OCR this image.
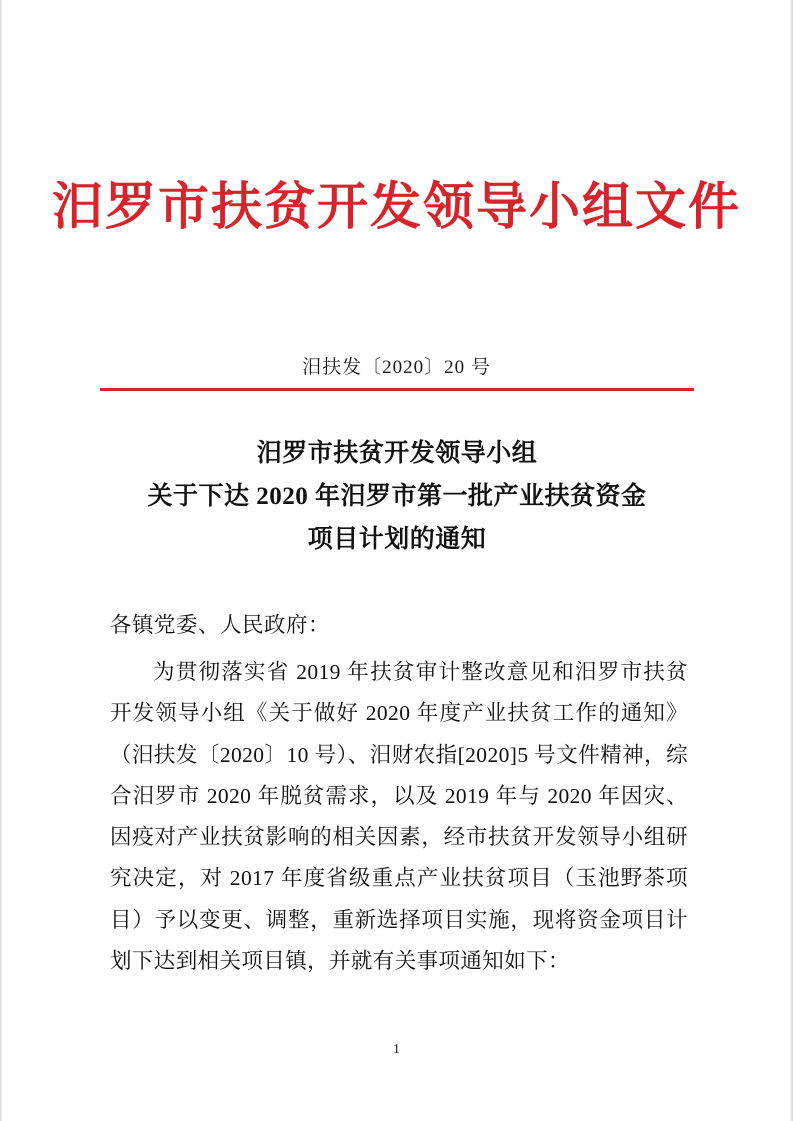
汨罗市扶贫开发领导小组文件
汨扶发〔2020〕20 号
汨罗市扶贫开发领导小组
关于下达 2020 年汨罗市第一批产业扶贫资金
项目计划的通知
各镇党委、人民政府：

为贯彻落实省 2019 年扶贫审计整改意见和汨罗市扶贫开发领导小组《关于做好 2020 年度产业扶贫工作的通知》（汨扶发〔2020〕10 号）、汨财农指[2020]5 号文件精神，综合汨罗市 2020 年脱贫需求，以及 2019 年与 2020 年因灾、因疫对产业扶贫影响的相关因素，经市扶贫开发领导小组研究决定，对 2017 年度省级重点产业扶贫项目（玉池野茶项目）予以变更、调整，重新选择项目实施，现将资金项目计划下达到相关项目镇，并就有关事项通知如下：

1
